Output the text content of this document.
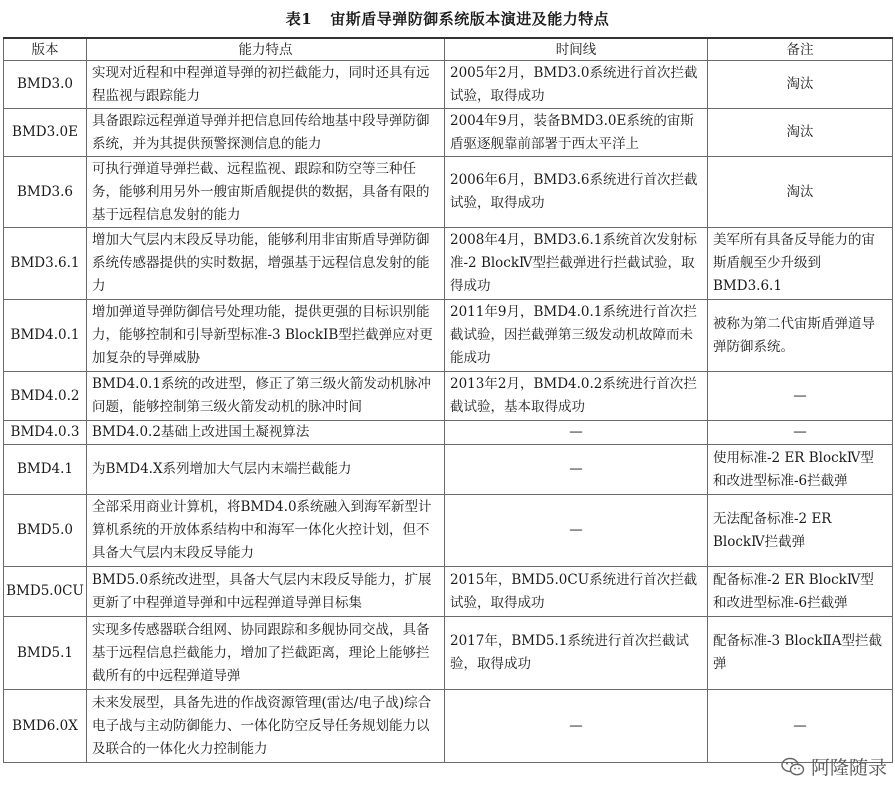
表1 宙斯盾导弹防御系统版本演进及能力特点
版本	能力特点	时间线	备注
BMD3.0	实现对近程和中程弹道导弹的初拦截能力，同时还具有远程监视与跟踪能力	2005年2月，BMD3.0系统进行首次拦截试验，取得成功	淘汰
BMD3.0E	具备跟踪远程弹道导弹并把信息回传给地基中段导弹防御系统，并为其提供预警探测信息的能力	2004年9月，装备BMD3.0E系统的宙斯盾驱逐舰靠前部署于西太平洋上	淘汰
BMD3.6	可执行弹道导弹拦截、远程监视、跟踪和防空等三种任务，能够利用另外一艘宙斯盾舰提供的数据，具备有限的基于远程信息发射的能力	2006年6月，BMD3.6系统进行首次拦截试验，取得成功	淘汰
BMD3.6.1	增加大气层内末段反导功能，能够利用非宙斯盾导弹防御系统传感器提供的实时数据，增强基于远程信息发射的能力	2008年4月，BMD3.6.1系统首次发射标准-2 BlockⅣ型拦截弹进行拦截试验，取得成功	美军所有具备反导能力的宙斯盾舰至少升级到BMD3.6.1
BMD4.0.1	增加弹道导弹防御信号处理功能，提供更强的目标识别能力，能够控制和引导新型标准-3 BlockⅠB型拦截弹应对更加复杂的导弹威胁	2011年9月，BMD4.0.1系统进行首次拦截试验，因拦截弹第三级发动机故障而未能成功	被称为第二代宙斯盾弹道导弹防御系统。
BMD4.0.2	BMD4.0.1系统的改进型，修正了第三级火箭发动机脉冲问题，能够控制第三级火箭发动机的脉冲时间	2013年2月，BMD4.0.2系统进行首次拦截试验，基本取得成功	—
BMD4.0.3	BMD4.0.2基础上改进国土凝视算法	—	—
BMD4.1	为BMD4.X系列增加大气层内末端拦截能力	—	使用标准-2 ER BlockⅣ型和改进型标准-6拦截弹
BMD5.0	全部采用商业计算机，将BMD4.0系统融入到海军新型计算机系统的开放体系结构中和海军一体化火控计划，但不具备大气层内末段反导能力	—	无法配备标准-2 ER BlockⅣ拦截弹
BMD5.0CU	BMD5.0系统改进型，具备大气层内末段反导能力，扩展更新了中程弹道导弹和中远程弹道导弹目标集	2015年，BMD5.0CU系统进行首次拦截试验，取得成功	配备标准-2 ER BlockⅣ型和改进型标准-6拦截弹
BMD5.1	实现多传感器联合组网、协同跟踪和多舰协同交战，具备基于远程信息拦截能力，增加了拦截距离，理论上能够拦截所有的中远程弹道导弹	2017年，BMD5.1系统进行首次拦截试验，取得成功	配备标准-3 BlockⅡA型拦截弹
BMD6.0X	未来发展型，具备先进的作战资源管理(雷达/电子战)综合电子战与主动防御能力、一体化防空反导任务规划能力以及联合的一体化火力控制能力	—	—
阿隆随录
